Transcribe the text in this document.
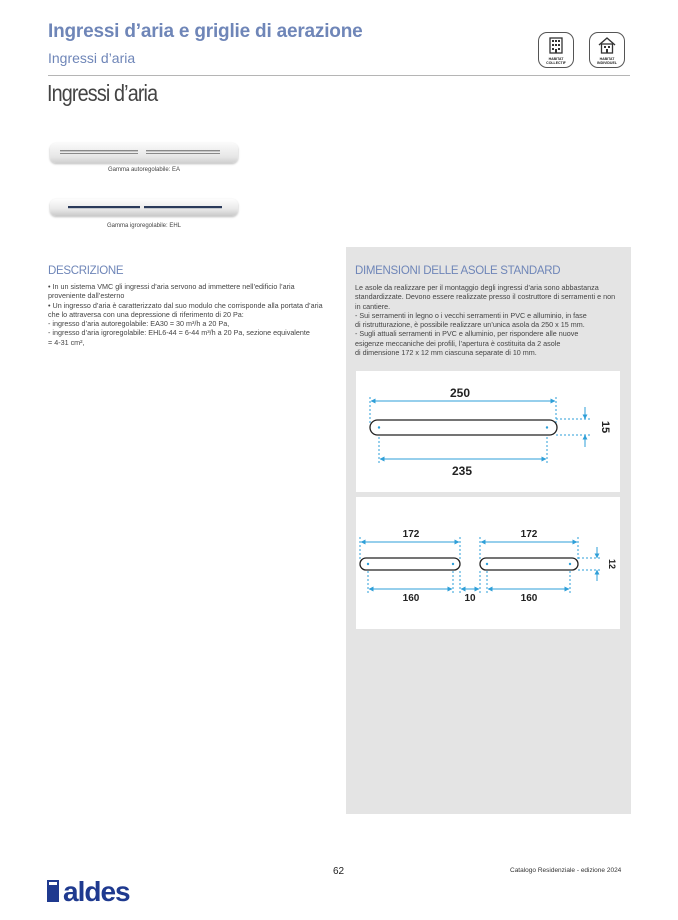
Ingressi d’aria e griglie di aerazione
Ingressi d’aria
Ingressi d’aria
HABITAT
COLLECTIF
HABITAT
INDIVIDUEL
Gamma autoregolabile: EA
Gamma igroregolabile: EHL
DESCRIZIONE

• In un sistema VMC gli ingressi d’aria servono ad immettere nell’edificio l’aria

proveniente dall’esterno

• Un ingresso d’aria è caratterizzato dal suo modulo che corrisponde alla portata d’aria

che lo attraversa con una depressione di riferimento di 20 Pa:

- ingresso d’aria autoregolabile: EA30 = 30 m³/h a 20 Pa,

- ingresso d’aria igroregolabile: EHL6-44 = 6-44 m³/h a 20 Pa, sezione equivalente

= 4-31 cm²,

DIMENSIONI DELLE ASOLE STANDARD

Le asole da realizzare per il montaggio degli ingressi d’aria sono abbastanza

standardizzate. Devono essere realizzate presso il costruttore di serramenti e non

in cantiere.

- Sui serramenti in legno o i vecchi serramenti in PVC e alluminio, in fase

di ristrutturazione, è possibile realizzare un’unica asola da 250 x 15 mm.

- Sugli attuali serramenti in PVC e alluminio, per rispondere alle nuove

esigenze meccaniche dei profili, l’apertura è costituita da 2 asole

di dimensione 172 x 12 mm ciascuna separate di 10 mm.

250
235
15
172	172
160	10	160
12
aldes
62	Catalogo Residenziale - edizione 2024
